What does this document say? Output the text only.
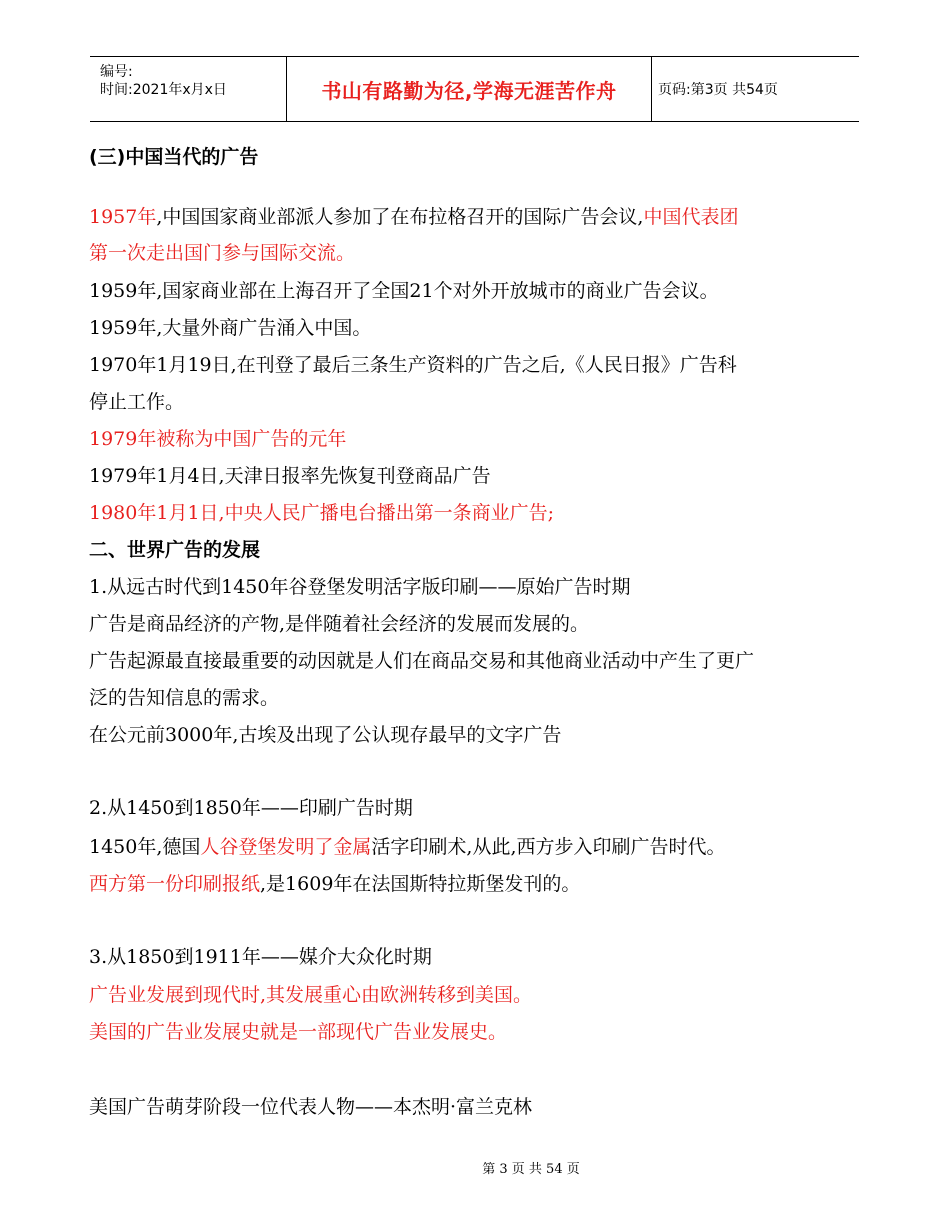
编号:
时间:2021年x月x日	书山有路勤为径,学海无涯苦作舟	页码:第3页 共54页
(三)中国当代的广告
1957年,中国国家商业部派人参加了在布拉格召开的国际广告会议,中国代表团
第一次走出国门参与国际交流。
1959年,国家商业部在上海召开了全国21个对外开放城市的商业广告会议。
1959年,大量外商广告涌入中国。
1970年1月19日,在刊登了最后三条生产资料的广告之后,《人民日报》广告科
停止工作。
1979年被称为中国广告的元年
1979年1月4日,天津日报率先恢复刊登商品广告
1980年1月1日,中央人民广播电台播出第一条商业广告;
二、世界广告的发展
1.从远古时代到1450年谷登堡发明活字版印刷——原始广告时期
广告是商品经济的产物,是伴随着社会经济的发展而发展的。
广告起源最直接最重要的动因就是人们在商品交易和其他商业活动中产生了更广
泛的告知信息的需求。
在公元前3000年,古埃及出现了公认现存最早的文字广告
2.从1450到1850年——印刷广告时期
1450年,德国人谷登堡发明了金属活字印刷术,从此,西方步入印刷广告时代。
西方第一份印刷报纸,是1609年在法国斯特拉斯堡发刊的。
3.从1850到1911年——媒介大众化时期
广告业发展到现代时,其发展重心由欧洲转移到美国。
美国的广告业发展史就是一部现代广告业发展史。
美国广告萌芽阶段一位代表人物——本杰明·富兰克林
第 3 页 共 54 页
